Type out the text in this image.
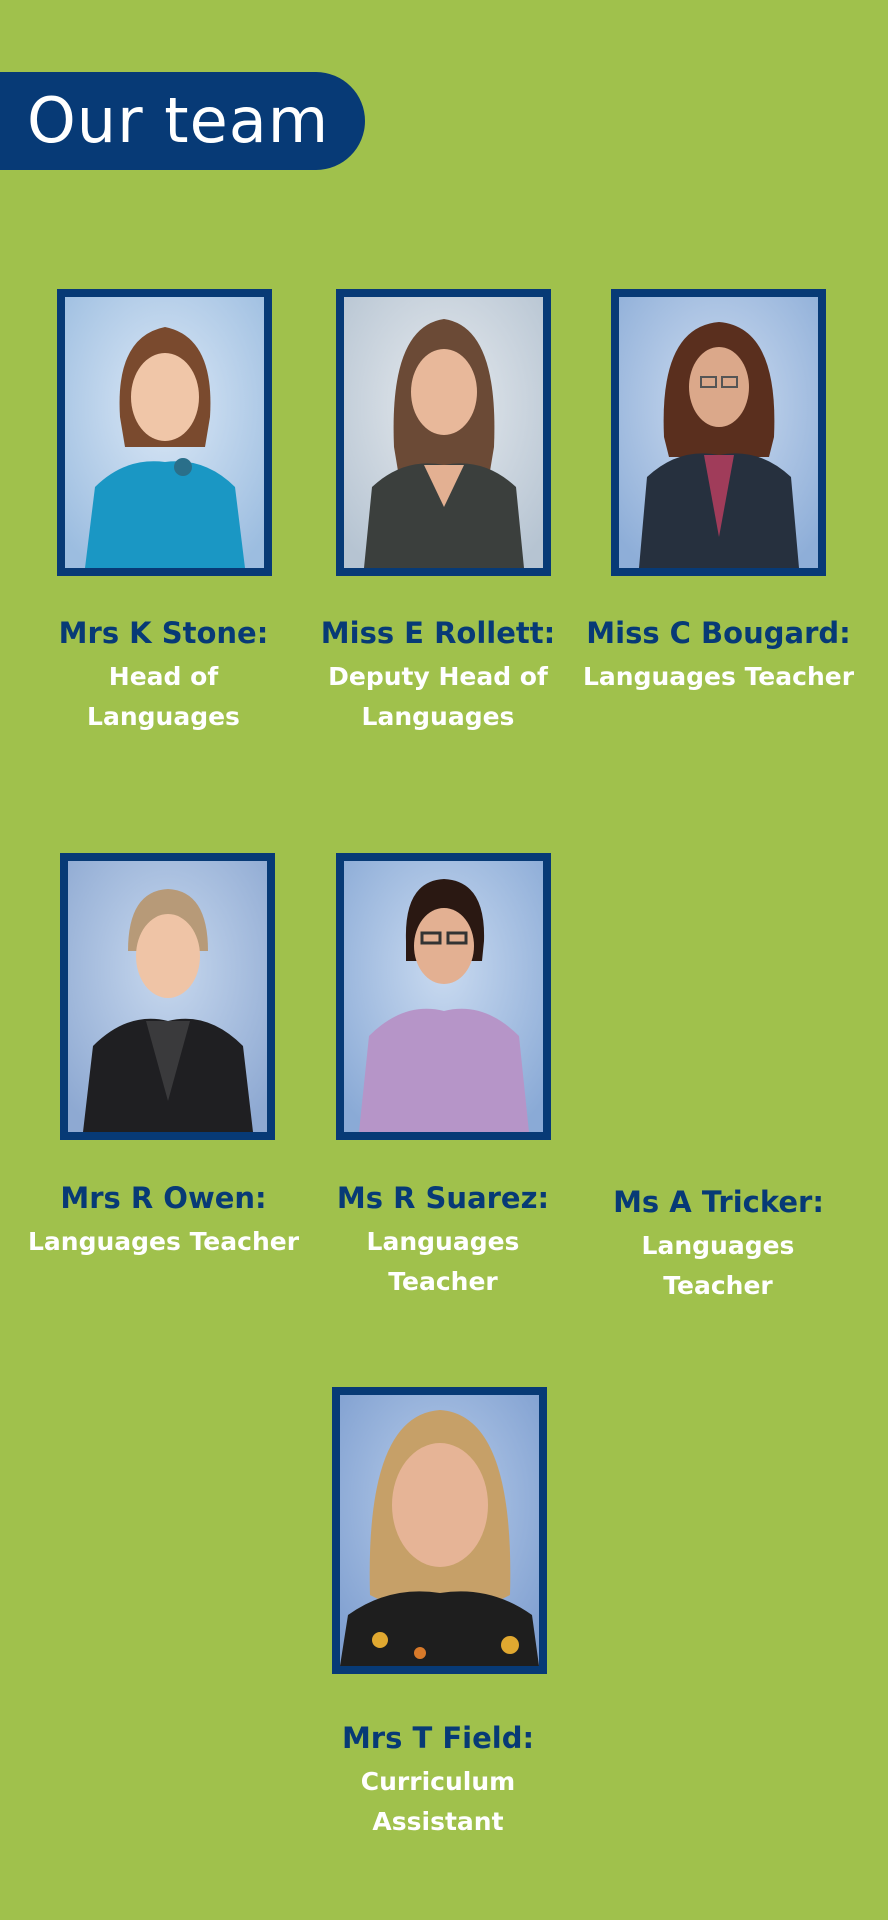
Our team
Mrs K Stone:
Head of Languages
Miss E Rollett:
Deputy Head of Languages
Miss C Bougard:
Languages Teacher
Mrs R Owen:
Languages Teacher
Ms R Suarez:
Languages Teacher
Ms A Tricker:
Languages Teacher
Mrs T Field:
Curriculum Assistant
